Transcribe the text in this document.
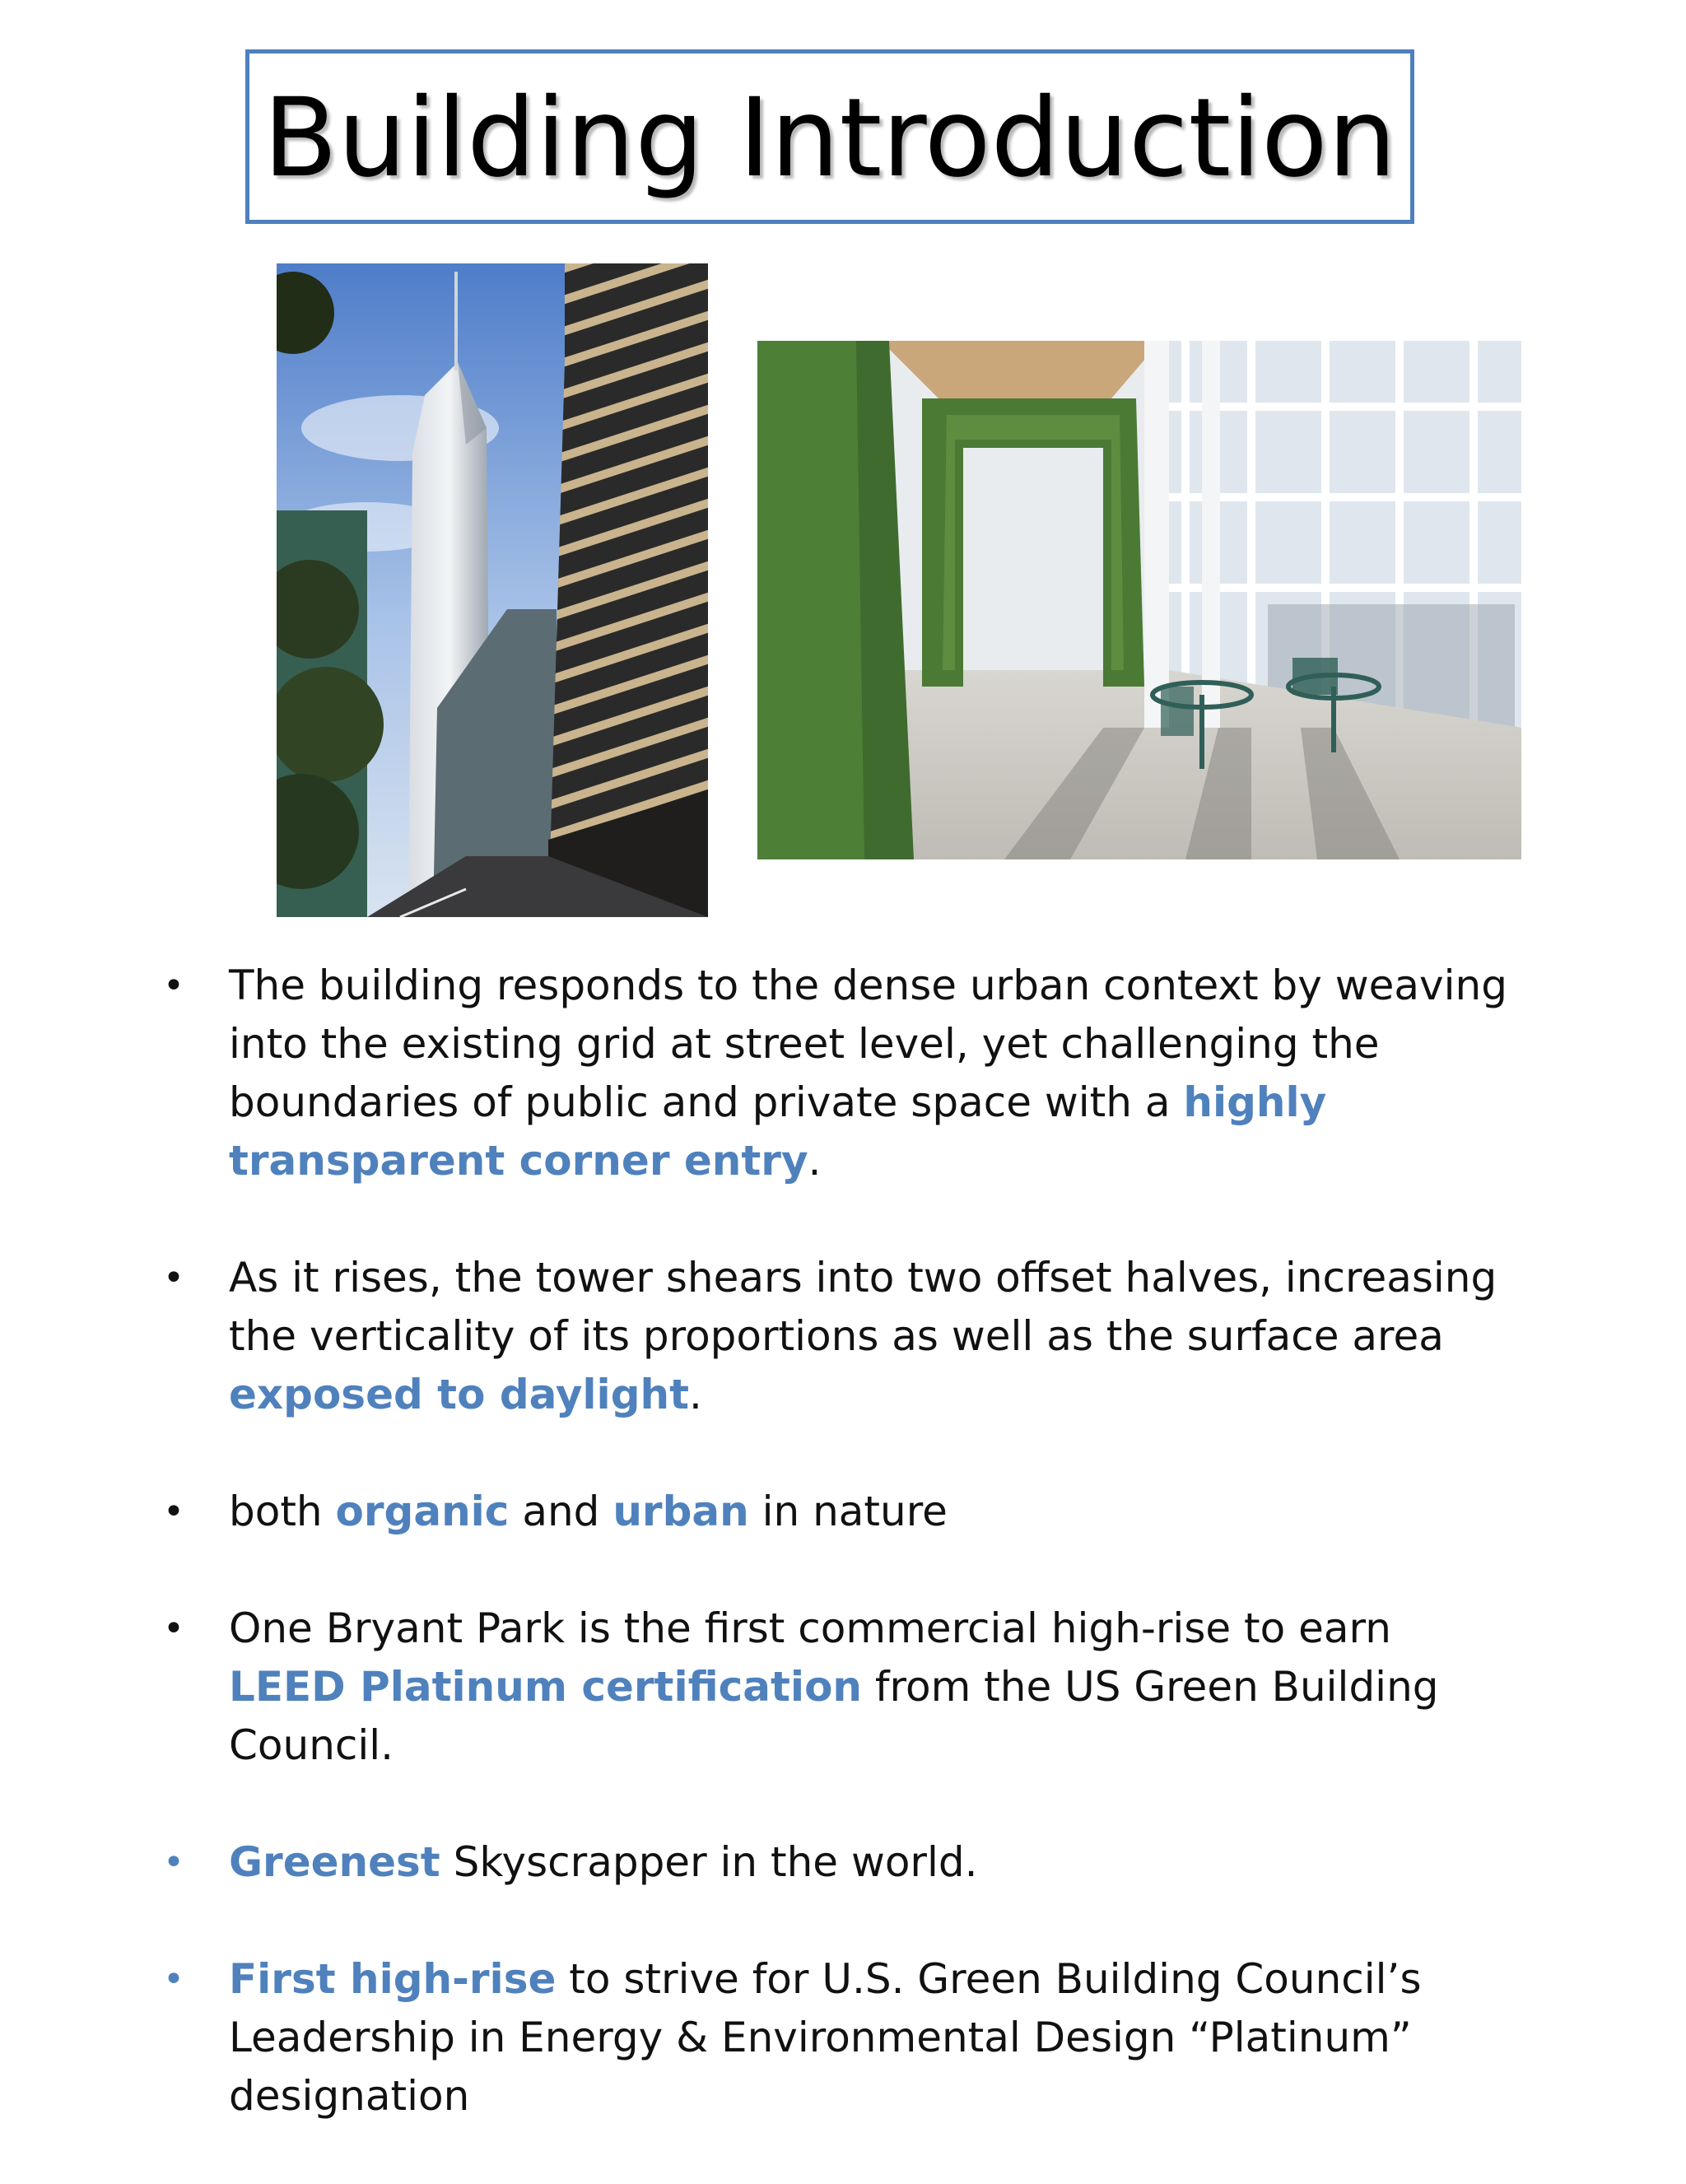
Building Introduction
• The building responds to the dense urban context by weaving into the existing grid at street level, yet challenging the boundaries of public and private space with a highly transparent corner entry.
• As it rises, the tower shears into two offset halves, increasing the verticality of its proportions as well as the surface area exposed to daylight.
• both organic and urban in nature
• One Bryant Park is the first commercial high-rise to earn LEED Platinum certification from the US Green Building Council.
• Greenest Skyscrapper in the world.
• First high-rise to strive for U.S. Green Building Council’s Leadership in Energy & Environmental Design “Platinum” designation
